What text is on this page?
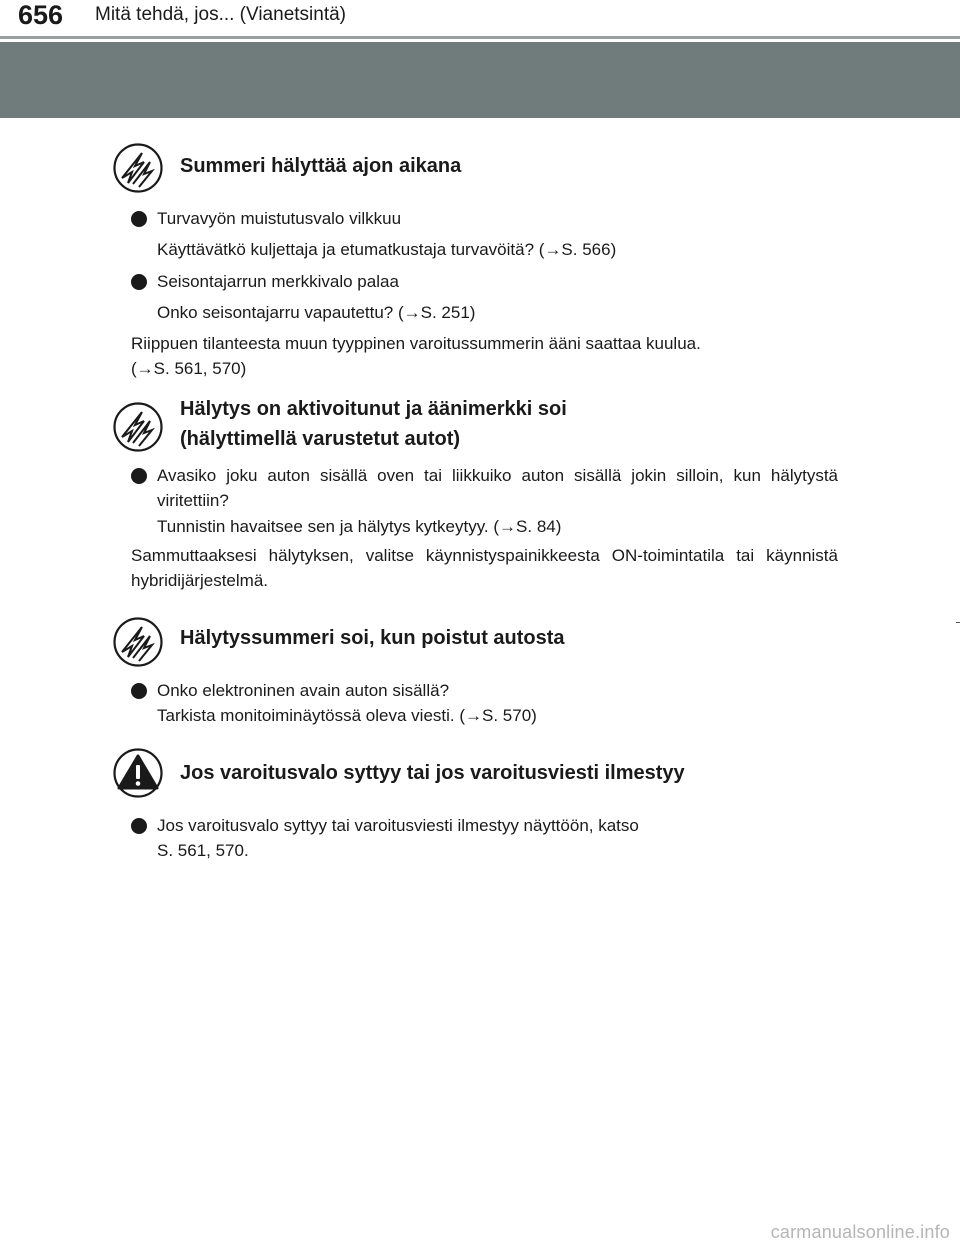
656 Mitä tehdä, jos... (Vianetsintä)
Summeri hälyttää ajon aikana
Turvavyön muistutusvalo vilkkuu
Käyttävätkö kuljettaja ja etumatkustaja turvavöitä? (→S. 566)
Seisontajarrun merkkivalo palaa
Onko seisontajarru vapautettu? (→S. 251)
Riippuen tilanteesta muun tyyppinen varoitussummerin ääni saattaa kuulua.
(→S. 561, 570)
Hälytys on aktivoitunut ja äänimerkki soi
(hälyttimellä varustetut autot)
Avasiko joku auton sisällä oven tai liikkuiko auton sisällä jokin silloin, kun hälytystä viritettiin?
Tunnistin havaitsee sen ja hälytys kytkeytyy. (→S. 84)
Sammuttaaksesi hälytyksen, valitse käynnistyspainikkeesta ON-toimintatila tai käynnistä hybridijärjestelmä.
Hälytyssummeri soi, kun poistut autosta
Onko elektroninen avain auton sisällä?
Tarkista monitoiminäytössä oleva viesti. (→S. 570)
Jos varoitusvalo syttyy tai jos varoitusviesti ilmestyy
Jos varoitusvalo syttyy tai varoitusviesti ilmestyy näyttöön, katso
S. 561, 570.
carmanualsonline.info
